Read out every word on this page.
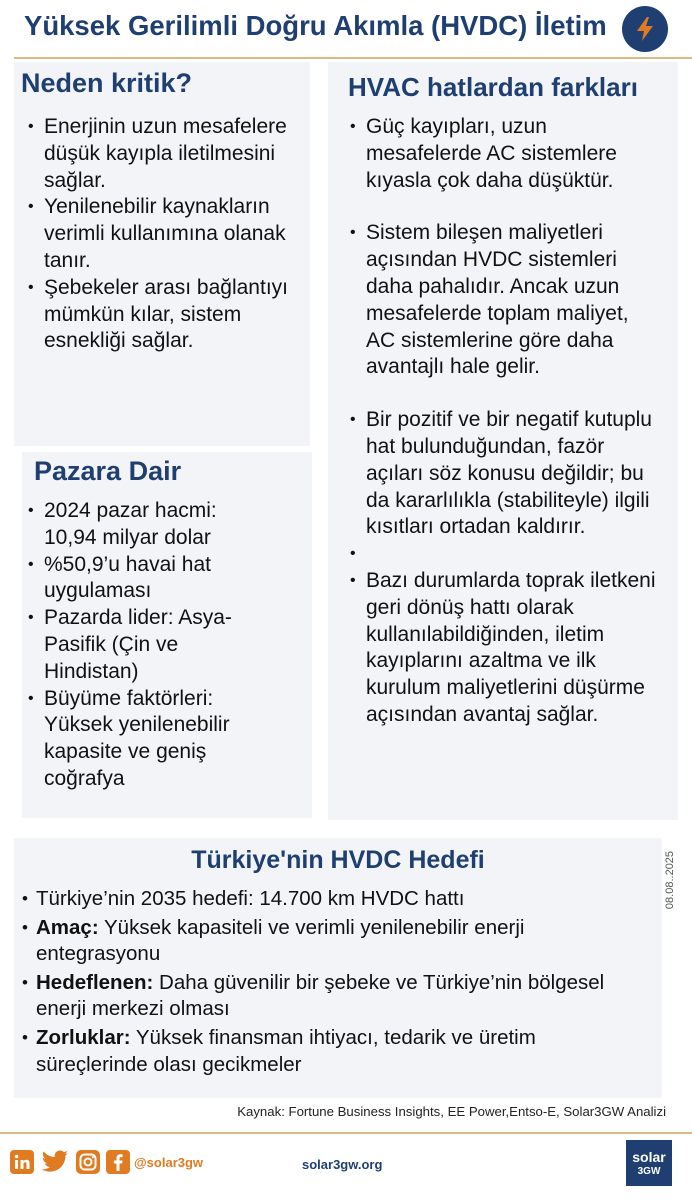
Yüksek Gerilimli Doğru Akımla (HVDC) İletim
Neden kritik?
• Enerjinin uzun mesafelere düşük kayıpla iletilmesini sağlar.
• Yenilenebilir kaynakların verimli kullanımına olanak tanır.
• Şebekeler arası bağlantıyı mümkün kılar, sistem esnekliği sağlar.
Pazara Dair
• 2024 pazar hacmi: 10,94 milyar dolar
• %50,9’u havai hat uygulaması
• Pazarda lider: Asya-Pasifik (Çin ve Hindistan)
• Büyüme faktörleri: Yüksek yenilenebilir kapasite ve geniş coğrafya
HVAC hatlardan farkları
• Güç kayıpları, uzun mesafelerde AC sistemlere kıyasla çok daha düşüktür.
• Sistem bileşen maliyetleri açısından HVDC sistemleri daha pahalıdır. Ancak uzun mesafelerde toplam maliyet, AC sistemlerine göre daha avantajlı hale gelir.
• Bir pozitif ve bir negatif kutuplu hat bulunduğundan, fazör açıları söz konusu değildir; bu da kararlılıkla (stabiliteyle) ilgili kısıtları ortadan kaldırır.
•
• Bazı durumlarda toprak iletkeni geri dönüş hattı olarak kullanılabildiğinden, iletim kayıplarını azaltma ve ilk kurulum maliyetlerini düşürme açısından avantaj sağlar.
08.08..2025
Türkiye'nin HVDC Hedefi
• Türkiye’nin 2035 hedefi: 14.700 km HVDC hattı
• Amaç: Yüksek kapasiteli ve verimli yenilenebilir enerji entegrasyonu
• Hedeflenen: Daha güvenilir bir şebeke ve Türkiye’nin bölgesel enerji merkezi olması
• Zorluklar: Yüksek finansman ihtiyacı, tedarik ve üretim süreçlerinde olası gecikmeler
Kaynak: Fortune Business Insights, EE Power,Entso-E, Solar3GW Analizi
@solar3gw	solar3gw.org	solar
3GW
